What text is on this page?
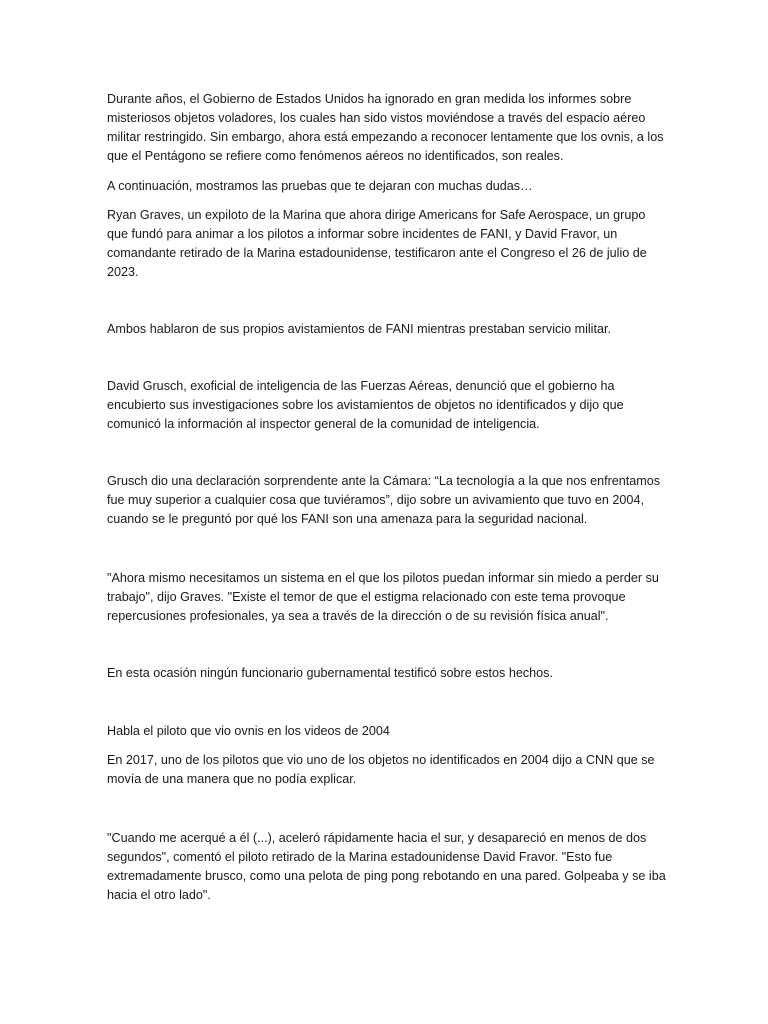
Durante años, el Gobierno de Estados Unidos ha ignorado en gran medida los informes sobre misteriosos objetos voladores, los cuales han sido vistos moviéndose a través del espacio aéreo militar restringido. Sin embargo, ahora está empezando a reconocer lentamente que los ovnis, a los que el Pentágono se refiere como fenómenos aéreos no identificados, son reales.

A continuación, mostramos las pruebas que te dejaran con muchas dudas…

Ryan Graves, un expiloto de la Marina que ahora dirige Americans for Safe Aerospace, un grupo que fundó para animar a los pilotos a informar sobre incidentes de FANI, y David Fravor, un comandante retirado de la Marina estadounidense, testificaron ante el Congreso el 26 de julio de 2023.

Ambos hablaron de sus propios avistamientos de FANI mientras prestaban servicio militar.

David Grusch, exoficial de inteligencia de las Fuerzas Aéreas, denunció que el gobierno ha encubierto sus investigaciones sobre los avistamientos de objetos no identificados y dijo que comunicó la información al inspector general de la comunidad de inteligencia.

Grusch dio una declaración sorprendente ante la Cámara: “La tecnología a la que nos enfrentamos fue muy superior a cualquier cosa que tuviéramos”, dijo sobre un avivamiento que tuvo en 2004, cuando se le preguntó por qué los FANI son una amenaza para la seguridad nacional.

"Ahora mismo necesitamos un sistema en el que los pilotos puedan informar sin miedo a perder su trabajo", dijo Graves. "Existe el temor de que el estigma relacionado con este tema provoque repercusiones profesionales, ya sea a través de la dirección o de su revisión física anual".

En esta ocasión ningún funcionario gubernamental testificó sobre estos hechos.

Habla el piloto que vio ovnis en los videos de 2004

En 2017, uno de los pilotos que vio uno de los objetos no identificados en 2004 dijo a CNN que se movía de una manera que no podía explicar.

"Cuando me acerqué a él (...), aceleró rápidamente hacia el sur, y desapareció en menos de dos segundos", comentó el piloto retirado de la Marina estadounidense David Fravor. "Esto fue extremadamente brusco, como una pelota de ping pong rebotando en una pared. Golpeaba y se iba hacia el otro lado".
